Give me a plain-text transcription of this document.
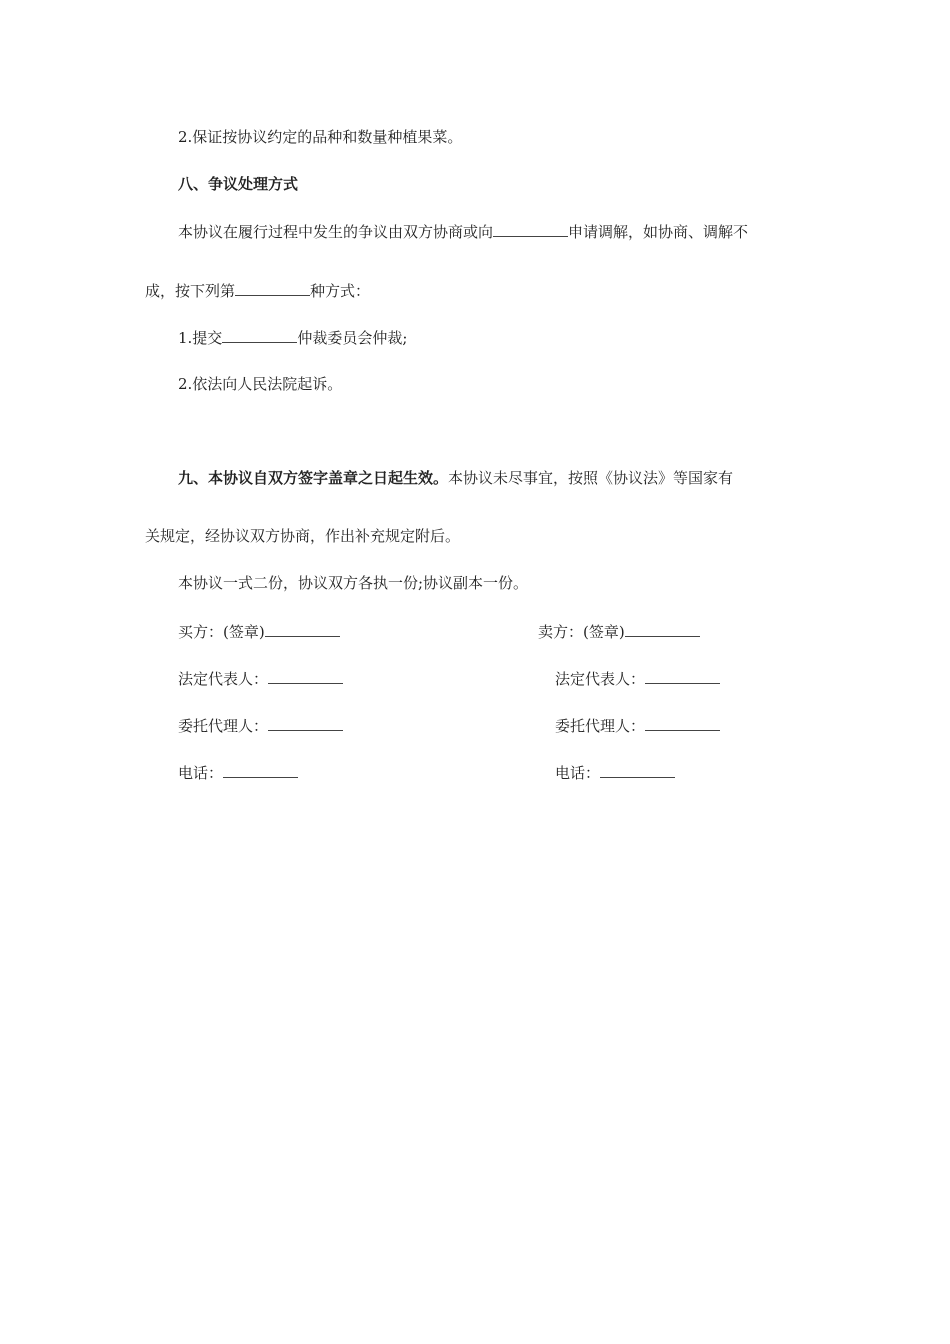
2.保证按协议约定的品种和数量种植果菜。
八、争议处理方式
本协议在履行过程中发生的争议由双方协商或向	申请调解，如协商、调解不
成，按下列第	种方式：
1.提交	仲裁委员会仲裁;
2.依法向人民法院起诉。
九、本协议自双方签字盖章之日起生效。本协议未尽事宜，按照《协议法》等国家有
关规定，经协议双方协商，作出补充规定附后。
本协议一式二份，协议双方各执一份;协议副本一份。
买方：(签章)
法定代表人：
委托代理人：
电话：
卖方：(签章)
法定代表人：
委托代理人：
电话：
